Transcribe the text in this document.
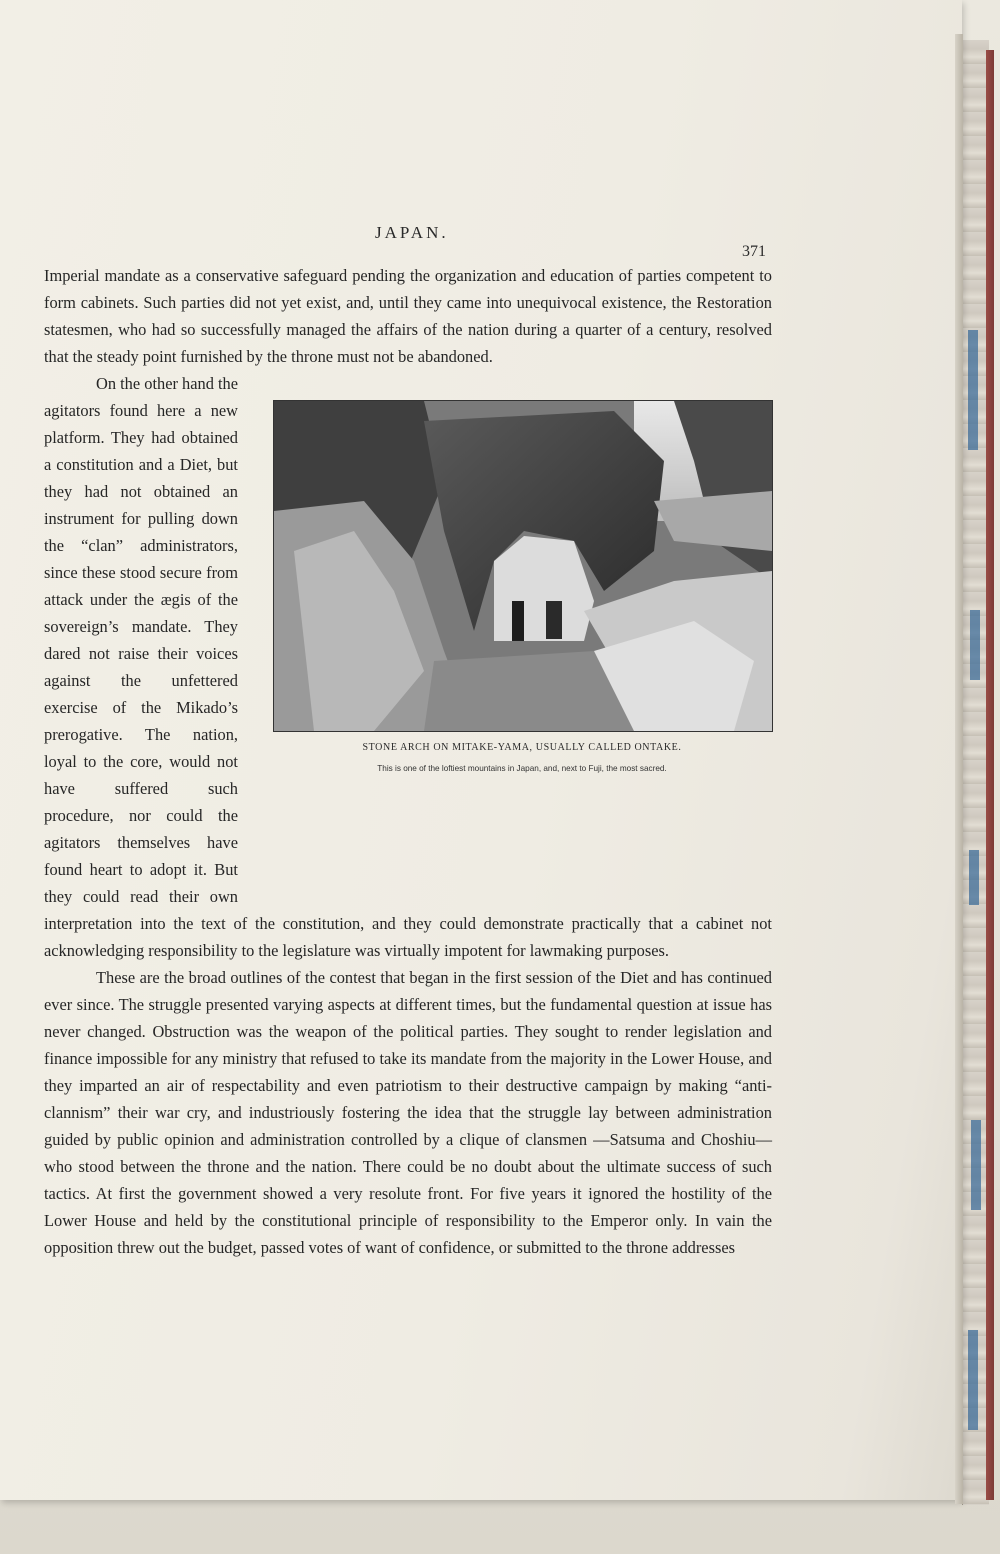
JAPAN.
371

Imperial mandate as a conservative safeguard pending the organization and education of parties competent to form cabinets. Such parties did not yet exist, and, until they came into unequivocal existence, the Restoration statesmen, who had so successfully managed the affairs of the nation during a quarter of a century, resolved that the steady point furnished by the throne must not be abandoned.

On the other hand the agitators found here a new platform. They had obtained a constitution and a Diet, but they had not obtained an instrument for pulling down the “clan” administrators, since these stood secure from attack under the ægis of the sovereign’s mandate. They dared not raise their voices against the unfettered exercise of the Mikado’s prerogative. The nation, loyal to the core, would not have suffered such procedure, nor could the agitators themselves have found heart to adopt it. But they could read their own interpretation into the text of the constitution, and they could demonstrate practically that a cabinet not acknowledging responsibility to the legislature was virtually impotent for lawmaking purposes.

These are the broad outlines of the contest that began in the first session of the Diet and has continued ever since. The struggle presented varying aspects at different times, but the fundamental question at issue has never changed. Obstruction was the weapon of the political parties. They sought to render legislation and finance impossible for any ministry that refused to take its mandate from the majority in the Lower House, and they imparted an air of respectability and even patriotism to their destructive campaign by making “anti-clannism” their war cry, and industriously fostering the idea that the struggle lay between administration guided by public opinion and administration controlled by a clique of clansmen —Satsuma and Choshiu—who stood between the throne and the nation. There could be no doubt about the ultimate success of such tactics. At first the government showed a very resolute front. For five years it ignored the hostility of the Lower House and held by the constitutional principle of responsibility to the Emperor only. In vain the opposition threw out the budget, passed votes of want of confidence, or submitted to the throne addresses

STONE ARCH ON MITAKE-YAMA, USUALLY CALLED ONTAKE.
This is one of the loftiest mountains in Japan, and, next to Fuji, the most sacred.
